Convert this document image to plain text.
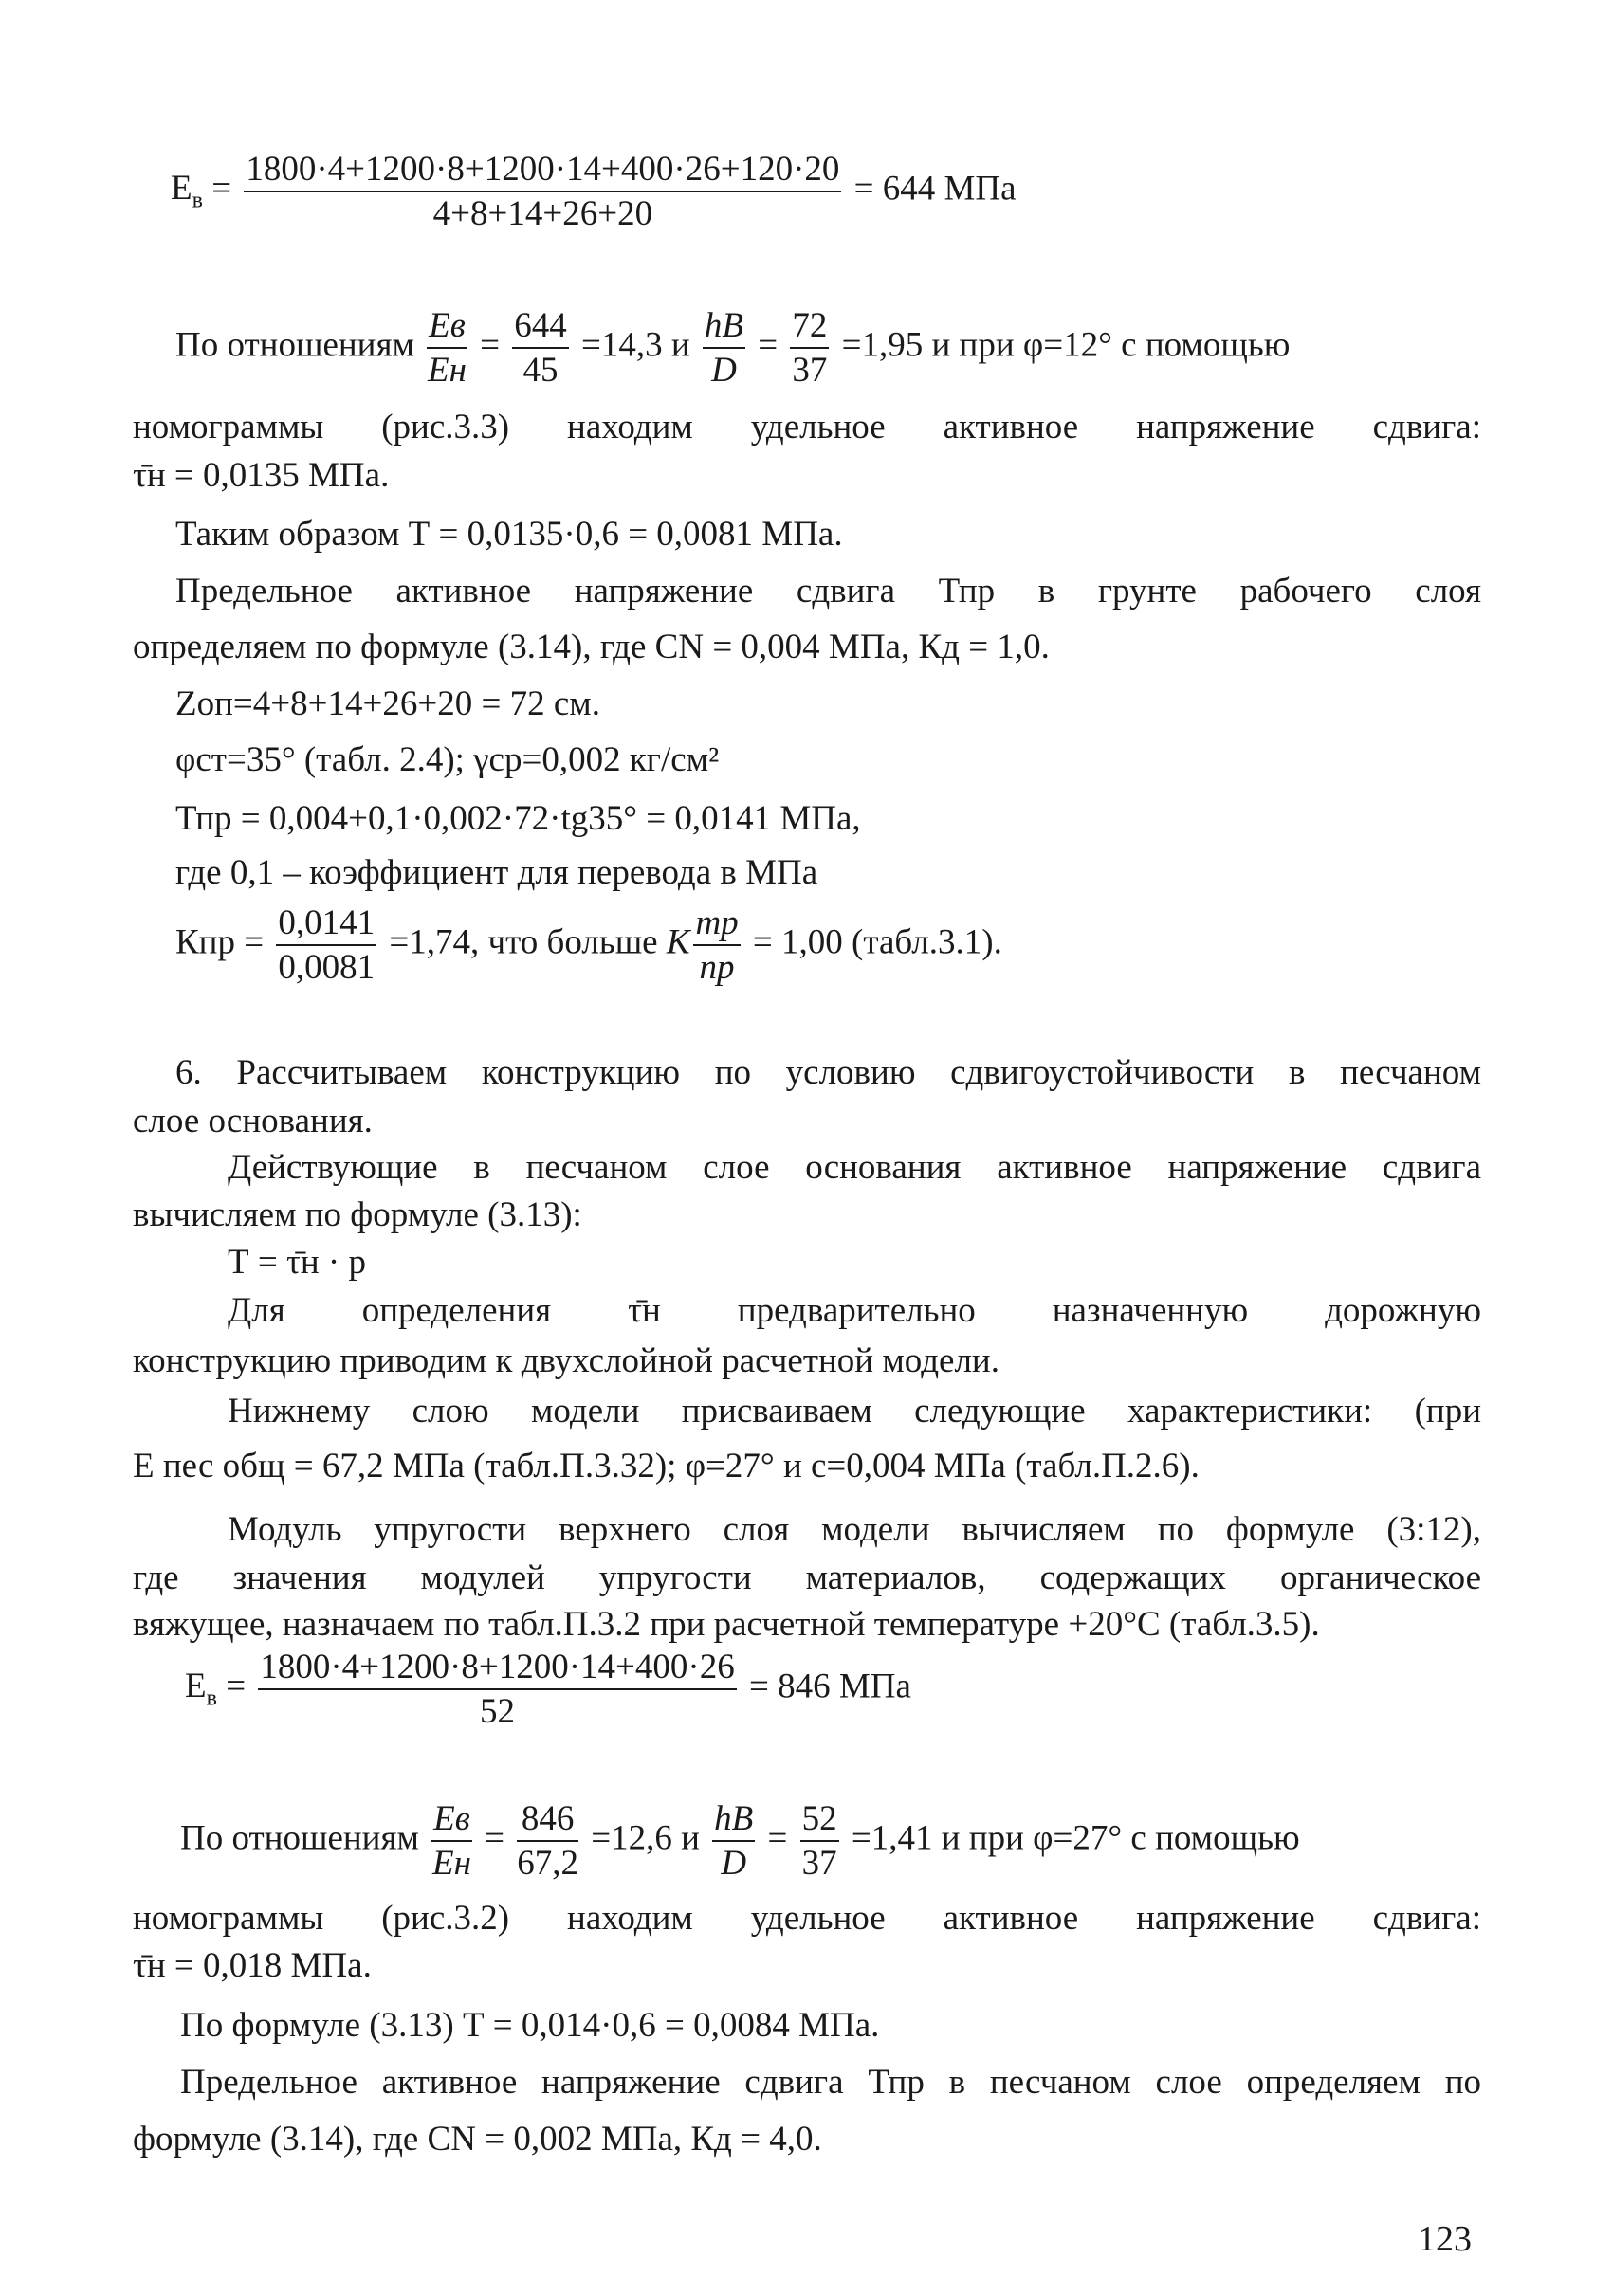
$Е_в = \frac{1800\cdot 4+1200\cdot 8+1200\cdot 14+400\cdot 26+120\cdot 20}{4+8+14+26+20} = 644$ МПа
По отношениям $\frac{Eв}{Eн} = \frac{644}{45} =14,3$ и $\frac{hВ}{D} = \frac{72}{37} =1,95$ и при φ=12° с помощью
номограммы (рис.3.3) находим удельное активное напряжение сдвига:
τ̄н = 0,0135 МПа.
Таким образом Т = 0,0135·0,6 = 0,0081 МПа.
Предельное активное напряжение сдвига Тпр в грунте рабочего слоя
определяем по формуле (3.14), где СN = 0,004 МПа, Кд = 1,0.
Zоп=4+8+14+26+20 = 72 см.
φст=35° (табл. 2.4); γср=0,002 кг/см²
Тпр = 0,004+0,1·0,002·72·tg35° = 0,0141 МПа,
где 0,1 – коэффициент для перевода в МПа
Кпр = $\frac{0,0141}{0,0081} =1,74$, что больше К $\frac{тр}{пр} = 1,00$ (табл.3.1).
6. Рассчитываем конструкцию по условию сдвигоустойчивости в песчаном
слое основания.
Действующие в песчаном слое основания активное напряжение сдвига
вычисляем по формуле (3.13):
Т = τ̄н · р
Для определения τ̄н предварительно назначенную дорожную
конструкцию приводим к двухслойной расчетной модели.
Нижнему слою модели присваиваем следующие характеристики: (при
Е пес общ = 67,2 МПа (табл.П.3.32); φ=27° и с=0,004 МПа (табл.П.2.6).
Модуль упругости верхнего слоя модели вычисляем по формуле (3:12),
где значения модулей упругости материалов, содержащих органическое
вяжущее, назначаем по табл.П.3.2 при расчетной температуре +20°С (табл.3.5).
$Е_в = \frac{1800\cdot 4+1200\cdot 8+1200\cdot 14+400\cdot 26}{52} = 846$ МПа
По отношениям $\frac{Eв}{Eн} = \frac{846}{67,2} =12,6$ и $\frac{hВ}{D} = \frac{52}{37} =1,41$ и при φ=27° с помощью
номограммы (рис.3.2) находим удельное активное напряжение сдвига:
τ̄н = 0,018 МПа.
По формуле (3.13) Т = 0,014·0,6 = 0,0084 МПа.
Предельное активное напряжение сдвига Тпр в песчаном слое определяем по
формуле (3.14), где СN = 0,002 МПа, Кд = 4,0.
123
